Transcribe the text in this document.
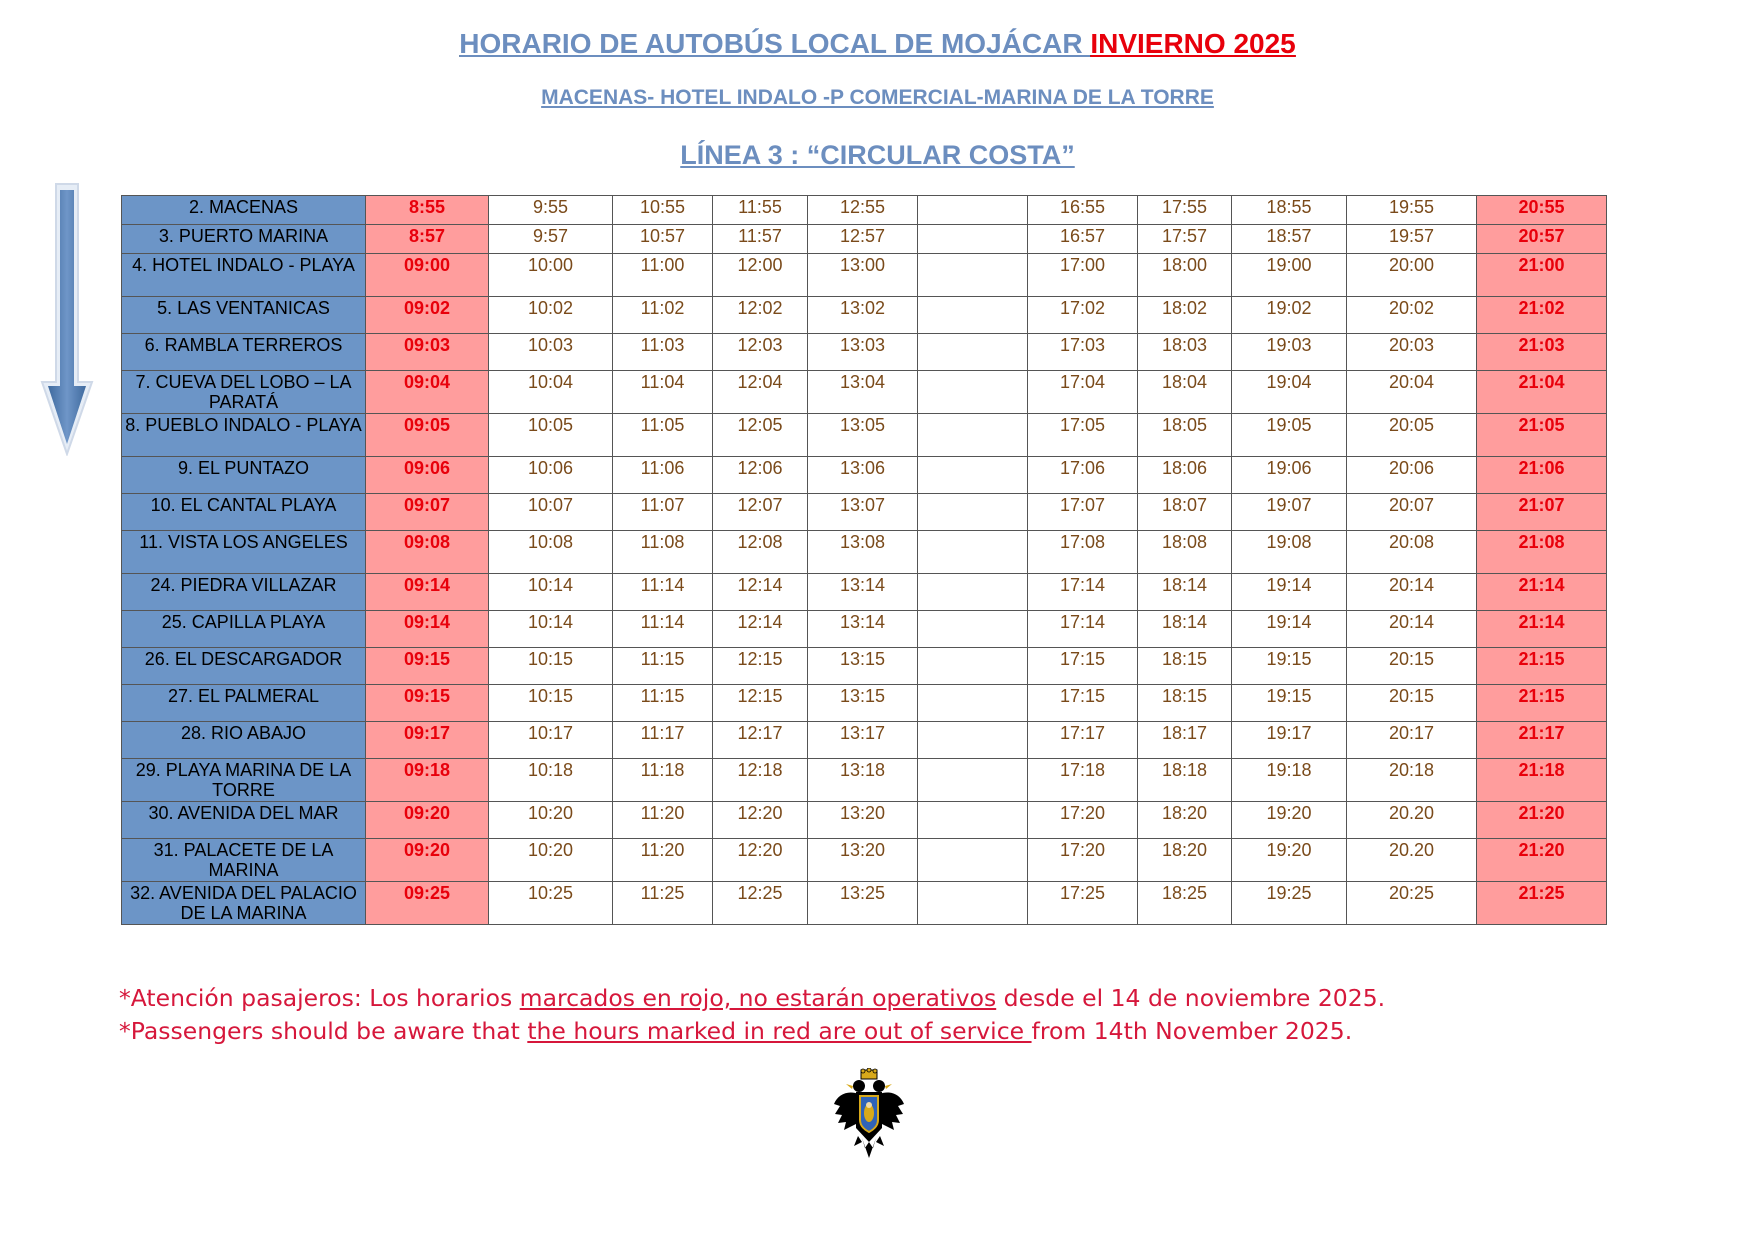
HORARIO DE AUTOBÚS LOCAL DE MOJÁCAR INVIERNO 2025
MACENAS- HOTEL INDALO -P COMERCIAL-MARINA DE LA TORRE
LÍNEA 3 : “CIRCULAR COSTA”
2. MACENAS	8:55	9:55	10:55	11:55	12:55		16:55	17:55	18:55	19:55	20:55
3. PUERTO MARINA	8:57	9:57	10:57	11:57	12:57		16:57	17:57	18:57	19:57	20:57
4. HOTEL INDALO - PLAYA	09:00	10:00	11:00	12:00	13:00		17:00	18:00	19:00	20:00	21:00
5. LAS VENTANICAS	09:02	10:02	11:02	12:02	13:02		17:02	18:02	19:02	20:02	21:02
6. RAMBLA TERREROS	09:03	10:03	11:03	12:03	13:03		17:03	18:03	19:03	20:03	21:03
7. CUEVA DEL LOBO – LA PARATÁ	09:04	10:04	11:04	12:04	13:04		17:04	18:04	19:04	20:04	21:04
8. PUEBLO INDALO - PLAYA	09:05	10:05	11:05	12:05	13:05		17:05	18:05	19:05	20:05	21:05
9. EL PUNTAZO	09:06	10:06	11:06	12:06	13:06		17:06	18:06	19:06	20:06	21:06
10. EL CANTAL PLAYA	09:07	10:07	11:07	12:07	13:07		17:07	18:07	19:07	20:07	21:07
11. VISTA LOS ANGELES	09:08	10:08	11:08	12:08	13:08		17:08	18:08	19:08	20:08	21:08
24. PIEDRA VILLAZAR	09:14	10:14	11:14	12:14	13:14		17:14	18:14	19:14	20:14	21:14
25. CAPILLA PLAYA	09:14	10:14	11:14	12:14	13:14		17:14	18:14	19:14	20:14	21:14
26. EL DESCARGADOR	09:15	10:15	11:15	12:15	13:15		17:15	18:15	19:15	20:15	21:15
27. EL PALMERAL	09:15	10:15	11:15	12:15	13:15		17:15	18:15	19:15	20:15	21:15
28. RIO ABAJO	09:17	10:17	11:17	12:17	13:17		17:17	18:17	19:17	20:17	21:17
29. PLAYA MARINA DE LA TORRE	09:18	10:18	11:18	12:18	13:18		17:18	18:18	19:18	20:18	21:18
30. AVENIDA DEL MAR	09:20	10:20	11:20	12:20	13:20		17:20	18:20	19:20	20.20	21:20
31. PALACETE DE LA MARINA	09:20	10:20	11:20	12:20	13:20		17:20	18:20	19:20	20.20	21:20
32. AVENIDA DEL PALACIO DE LA MARINA	09:25	10:25	11:25	12:25	13:25		17:25	18:25	19:25	20:25	21:25
*Atención pasajeros: Los horarios marcados en rojo, no estarán operativos desde el 14 de noviembre 2025.
*Passengers should be aware that the hours marked in red are out of service from 14th November 2025.
